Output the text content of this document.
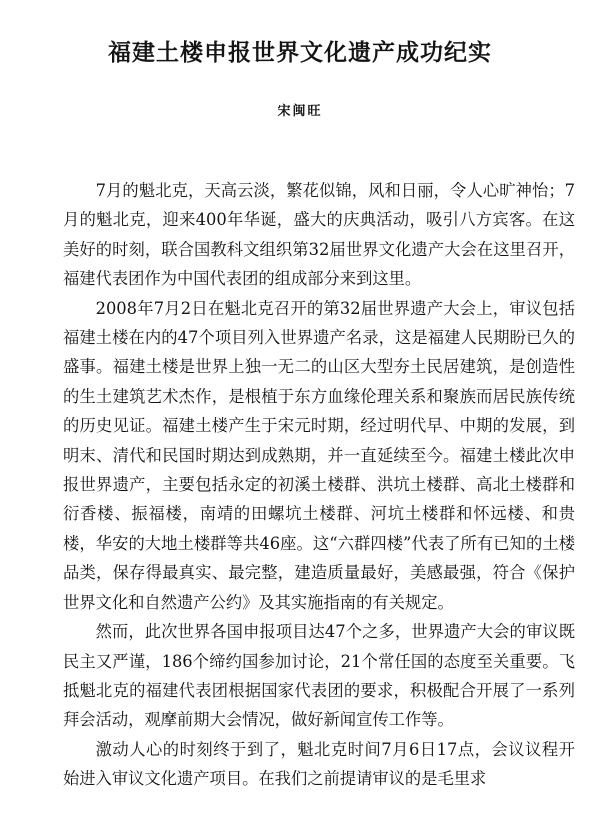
福建土楼申报世界文化遗产成功纪实
宋闽旺

7月的魁北克，天高云淡，繁花似锦，风和日丽，令人心旷神怡；7月的魁北克，迎来400年华诞，盛大的庆典活动，吸引八方宾客。在这美好的时刻，联合国教科文组织第32届世界文化遗产大会在这里召开，福建代表团作为中国代表团的组成部分来到这里。

2008年7月2日在魁北克召开的第32届世界遗产大会上，审议包括福建土楼在内的47个项目列入世界遗产名录，这是福建人民期盼已久的盛事。福建土楼是世界上独一无二的山区大型夯土民居建筑，是创造性的生土建筑艺术杰作，是根植于东方血缘伦理关系和聚族而居民族传统的历史见证。福建土楼产生于宋元时期，经过明代早、中期的发展，到明末、清代和民国时期达到成熟期，并一直延续至今。福建土楼此次申报世界遗产，主要包括永定的初溪土楼群、洪坑土楼群、高北土楼群和衍香楼、振福楼，南靖的田螺坑土楼群、河坑土楼群和怀远楼、和贵楼，华安的大地土楼群等共46座。这“六群四楼”代表了所有已知的土楼品类，保存得最真实、最完整，建造质量最好，美感最强，符合《保护世界文化和自然遗产公约》及其实施指南的有关规定。

然而，此次世界各国申报项目达47个之多，世界遗产大会的审议既民主又严谨，186个缔约国参加讨论，21个常任国的态度至关重要。飞抵魁北克的福建代表团根据国家代表团的要求，积极配合开展了一系列拜会活动，观摩前期大会情况，做好新闻宣传工作等。

激动人心的时刻终于到了，魁北克时间7月6日17点，会议议程开始进入审议文化遗产项目。在我们之前提请审议的是毛里求
